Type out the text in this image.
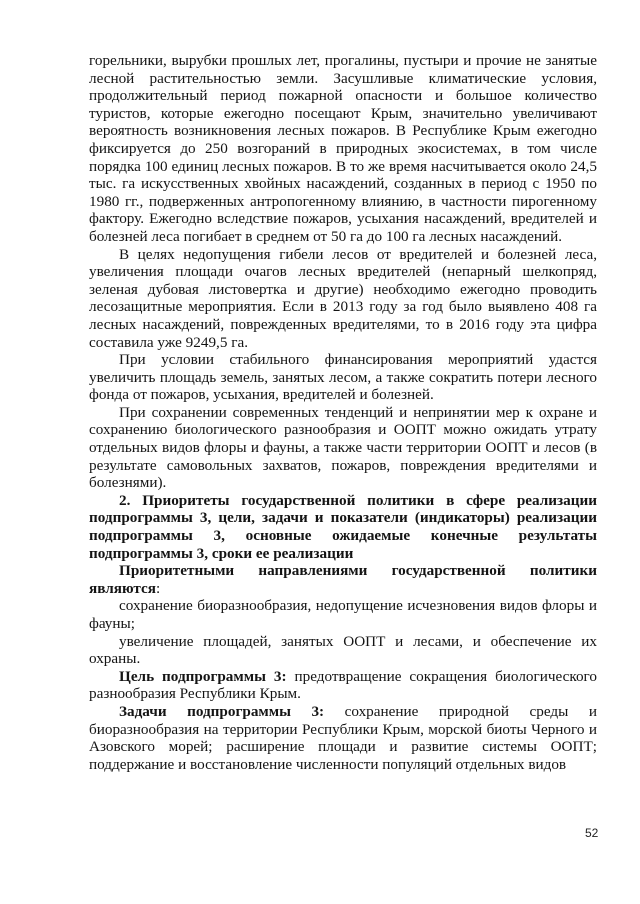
горельники, вырубки прошлых лет, прогалины, пустыри и прочие не занятые лесной растительностью земли. Засушливые климатические условия, продолжительный период пожарной опасности и большое количество туристов, которые ежегодно посещают Крым, значительно увеличивают вероятность возникновения лесных пожаров. В Республике Крым ежегодно фиксируется до 250 возгораний в природных экосистемах, в том числе порядка 100 единиц лесных пожаров. В то же время насчитывается около 24,5 тыс. га искусственных хвойных насаждений, созданных в период с 1950 по 1980 гг., подверженных антропогенному влиянию, в частности пирогенному фактору. Ежегодно вследствие пожаров, усыхания насаждений, вредителей и болезней леса погибает в среднем от 50 га до 100 га лесных насаждений.

В целях недопущения гибели лесов от вредителей и болезней леса, увеличения площади очагов лесных вредителей (непарный шелкопряд, зеленая дубовая листовертка и другие) необходимо ежегодно проводить лесозащитные мероприятия. Если в 2013 году за год было выявлено 408 га лесных насаждений, поврежденных вредителями, то в 2016 году эта цифра составила уже 9249,5 га.

При условии стабильного финансирования мероприятий удастся увеличить площадь земель, занятых лесом, а также сократить потери лесного фонда от пожаров, усыхания, вредителей и болезней.

При сохранении современных тенденций и непринятии мер к охране и сохранению биологического разнообразия и ООПТ можно ожидать утрату отдельных видов флоры и фауны, а также части территории ООПТ и лесов (в результате самовольных захватов, пожаров, повреждения вредителями и болезнями).

2. Приоритеты государственной политики в сфере реализации подпрограммы 3, цели, задачи и показатели (индикаторы) реализации подпрограммы 3, основные ожидаемые конечные результаты подпрограммы 3, сроки ее реализации

Приоритетными направлениями государственной политики являются:

сохранение биоразнообразия, недопущение исчезновения видов флоры и фауны;

увеличение площадей, занятых ООПТ и лесами, и обеспечение их охраны.

Цель подпрограммы 3: предотвращение сокращения биологического разнообразия Республики Крым.

Задачи подпрограммы 3: сохранение природной среды и биоразнообразия на территории Республики Крым, морской биоты Черного и Азовского морей; расширение площади и развитие системы ООПТ; поддержание и восстановление численности популяций отдельных видов

52
